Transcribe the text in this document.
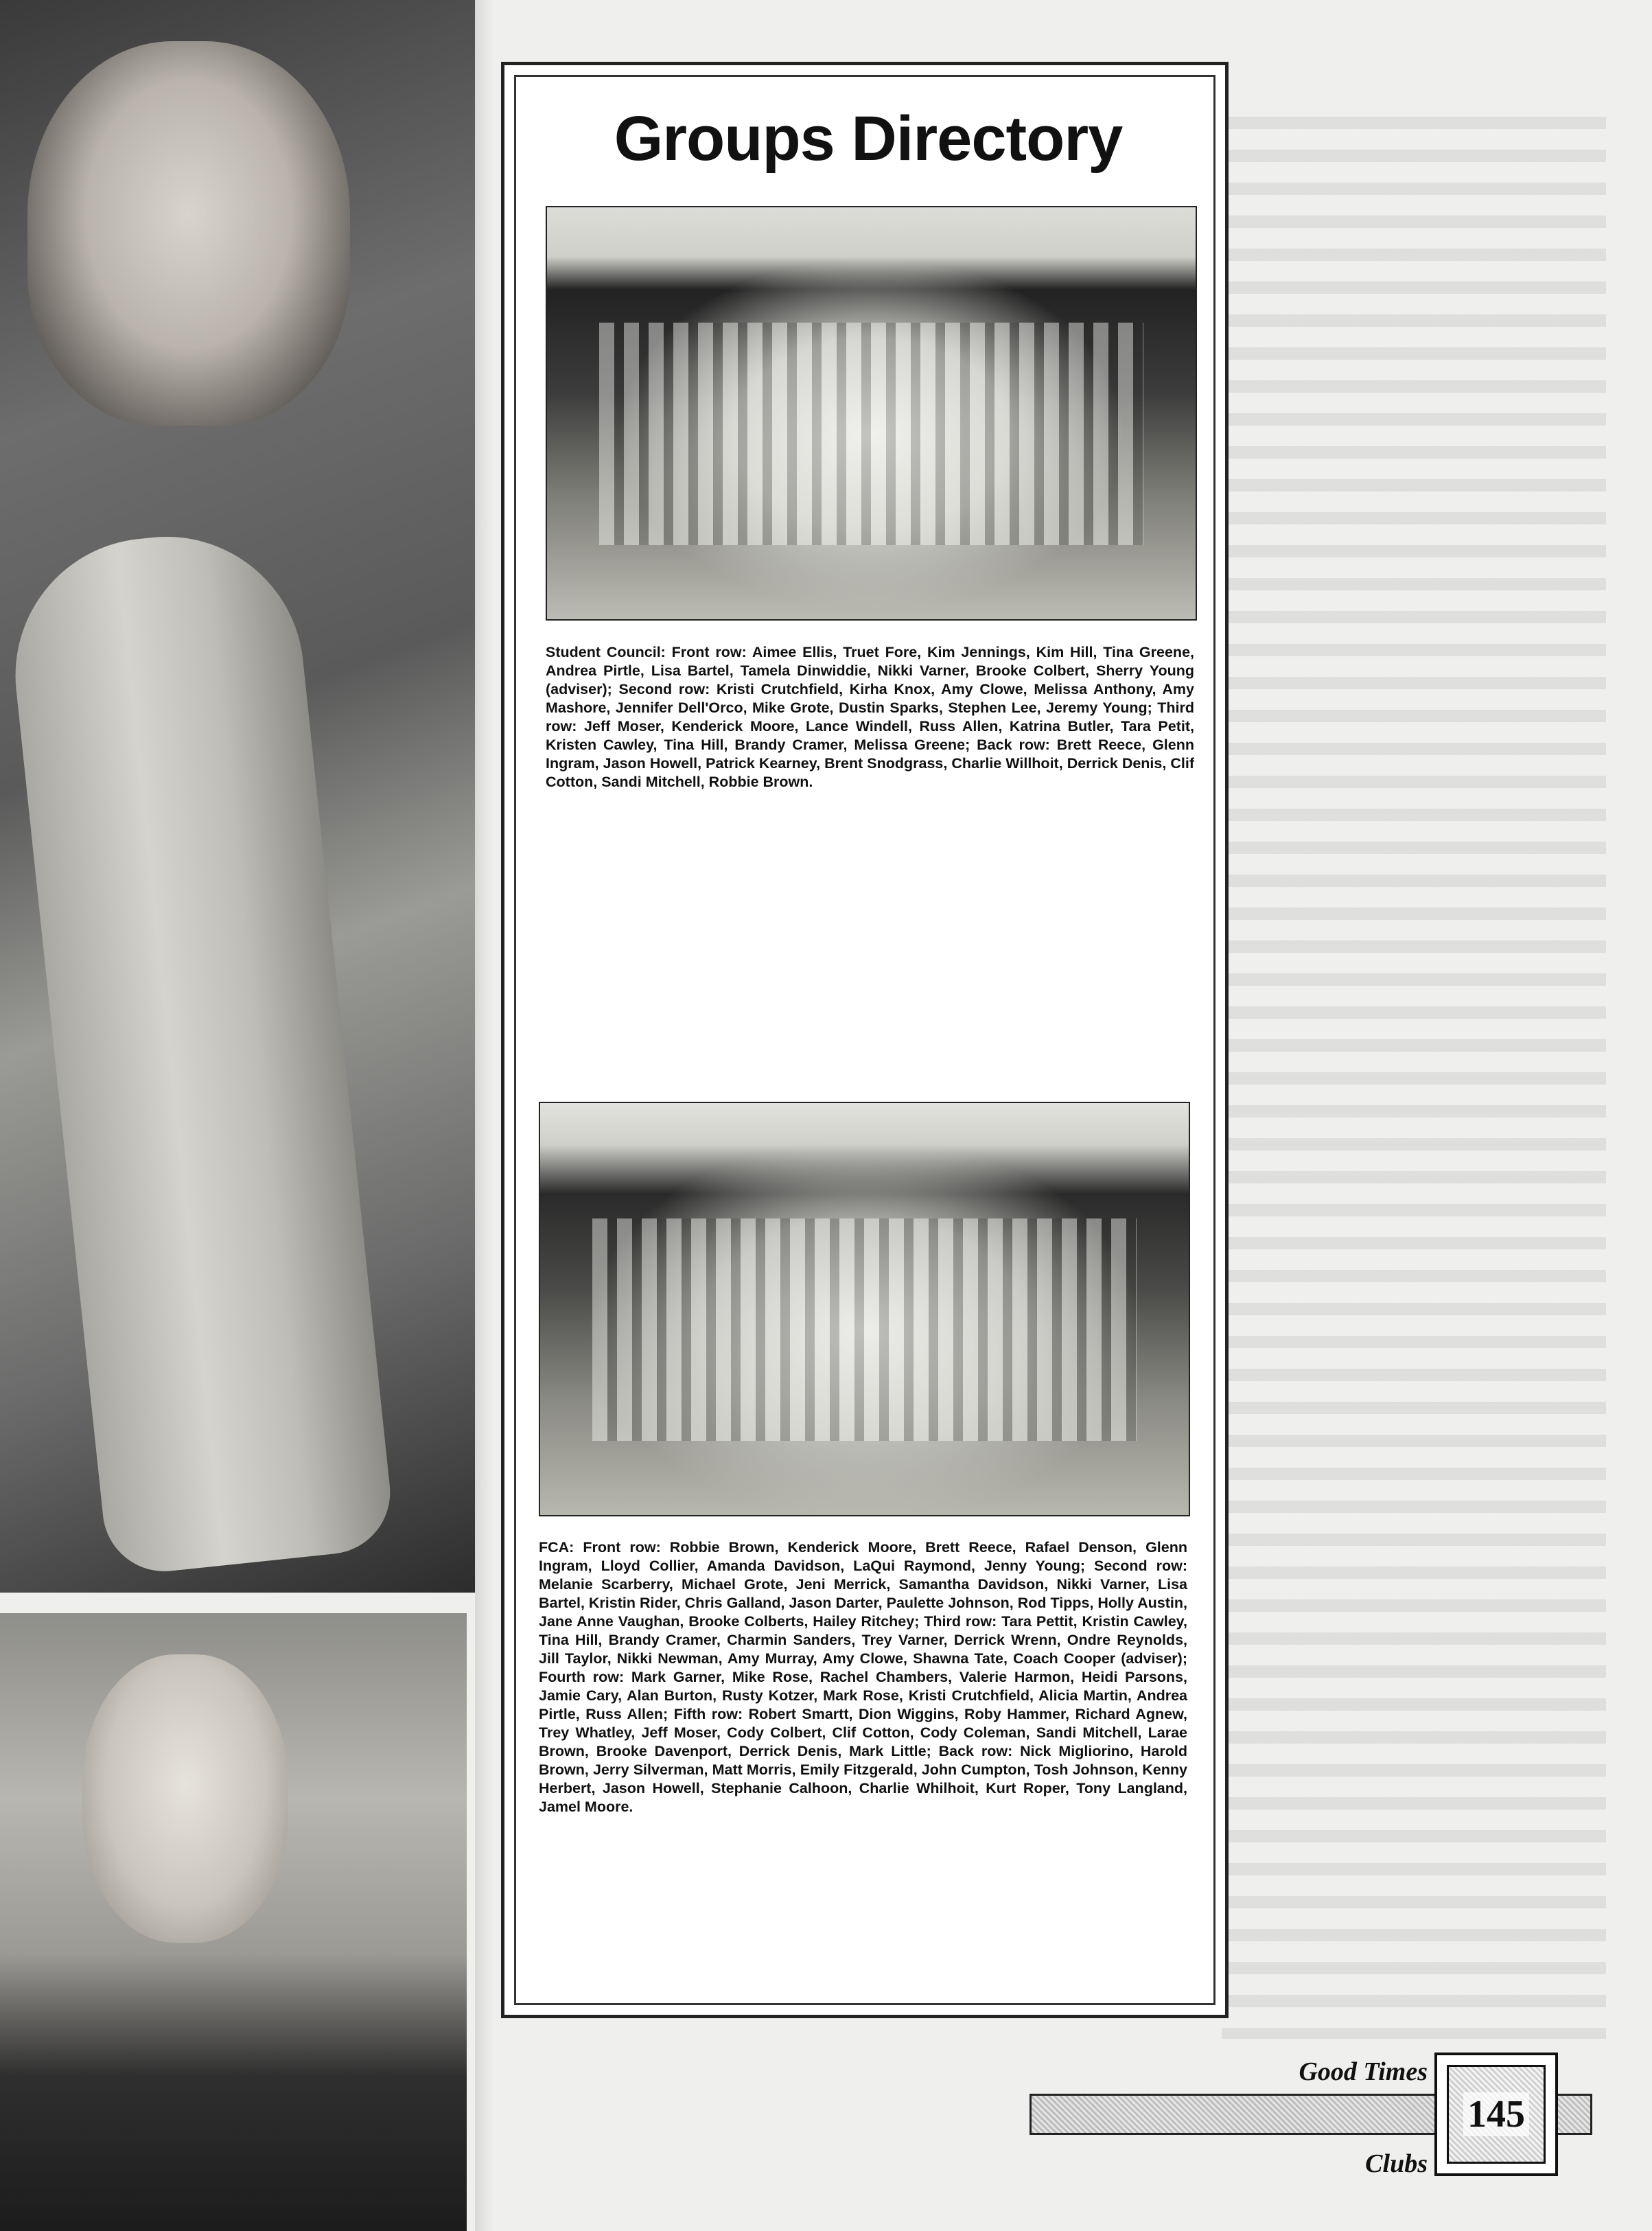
Groups Directory
Student Council: Front row: Aimee Ellis, Truet Fore, Kim Jennings, Kim Hill, Tina Greene, Andrea Pirtle, Lisa Bartel, Tamela Dinwiddie, Nikki Varner, Brooke Colbert, Sherry Young (adviser); Second row: Kristi Crutchfield, Kirha Knox, Amy Clowe, Melissa Anthony, Amy Mashore, Jennifer Dell'Orco, Mike Grote, Dustin Sparks, Stephen Lee, Jeremy Young; Third row: Jeff Moser, Kenderick Moore, Lance Windell, Russ Allen, Katrina Butler, Tara Petit, Kristen Cawley, Tina Hill, Brandy Cramer, Melissa Greene; Back row: Brett Reece, Glenn Ingram, Jason Howell, Patrick Kearney, Brent Snodgrass, Charlie Willhoit, Derrick Denis, Clif Cotton, Sandi Mitchell, Robbie Brown.
FCA: Front row: Robbie Brown, Kenderick Moore, Brett Reece, Rafael Denson, Glenn Ingram, Lloyd Collier, Amanda Davidson, LaQui Raymond, Jenny Young; Second row: Melanie Scarberry, Michael Grote, Jeni Merrick, Samantha Davidson, Nikki Varner, Lisa Bartel, Kristin Rider, Chris Galland, Jason Darter, Paulette Johnson, Rod Tipps, Holly Austin, Jane Anne Vaughan, Brooke Colberts, Hailey Ritchey; Third row: Tara Pettit, Kristin Cawley, Tina Hill, Brandy Cramer, Charmin Sanders, Trey Varner, Derrick Wrenn, Ondre Reynolds, Jill Taylor, Nikki Newman, Amy Murray, Amy Clowe, Shawna Tate, Coach Cooper (adviser); Fourth row: Mark Garner, Mike Rose, Rachel Chambers, Valerie Harmon, Heidi Parsons, Jamie Cary, Alan Burton, Rusty Kotzer, Mark Rose, Kristi Crutchfield, Alicia Martin, Andrea Pirtle, Russ Allen; Fifth row: Robert Smartt, Dion Wiggins, Roby Hammer, Richard Agnew, Trey Whatley, Jeff Moser, Cody Colbert, Clif Cotton, Cody Coleman, Sandi Mitchell, Larae Brown, Brooke Davenport, Derrick Denis, Mark Little; Back row: Nick Migliorino, Harold Brown, Jerry Silverman, Matt Morris, Emily Fitzgerald, John Cumpton, Tosh Johnson, Kenny Herbert, Jason Howell, Stephanie Calhoon, Charlie Whilhoit, Kurt Roper, Tony Langland, Jamel Moore.
Good Times
145
Clubs
